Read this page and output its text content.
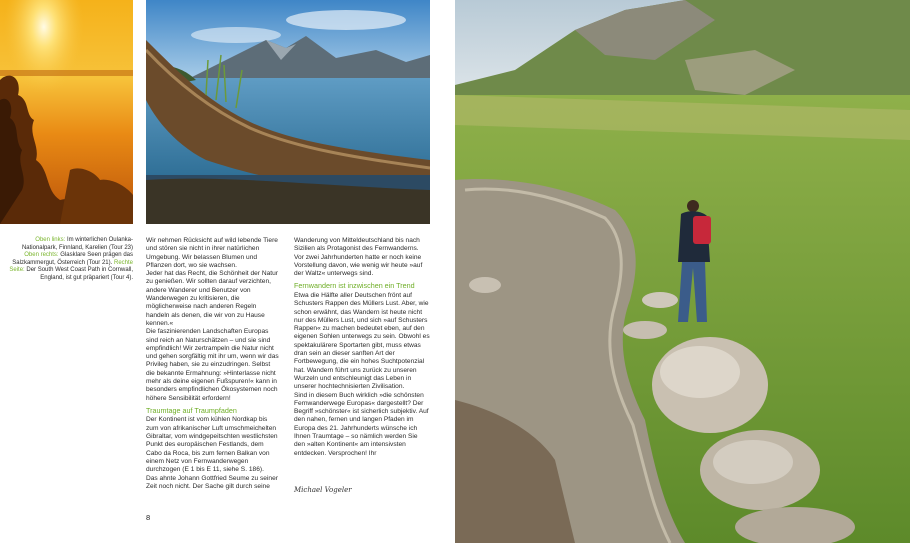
Oben links: Im winterlichen Oulanka-Nationalpark, Finnland, Karelien (Tour 23) Oben rechts: Glasklare Seen prägen das Salzkammergut, Österreich (Tour 21). Rechte Seite: Der South West Coast Path in Cornwall, England, ist gut präpariert (Tour 4).

Wir nehmen Rücksicht auf wild lebende Tiere und stören sie nicht in ihrer natürlichen Umgebung. Wir belassen Blumen und Pflanzen dort, wo sie wachsen.

Jeder hat das Recht, die Schönheit der Natur zu genießen. Wir sollten darauf verzichten, andere Wanderer und Benutzer von Wanderwegen zu kritisieren, die möglicherweise nach anderen Regeln handeln als denen, die wir von zu Hause kennen.«

Die faszinierenden Landschaften Europas sind reich an Naturschätzen – und sie sind empfindlich! Wir zertrampeln die Natur nicht und gehen sorgfältig mit ihr um, wenn wir das Privileg haben, sie zu einzudringen. Selbst die bekannte Ermahnung: »Hinterlasse nicht mehr als deine eigenen Fußspuren!« kann in besonders empfindlichen Ökosystemen noch höhere Sensibilität erfordern!

Traumtage auf Traumpfaden

Der Kontinent ist vom kühlen Nordkap bis zum von afrikanischer Luft umschmeichelten Gibraltar, vom windgepeitschten westlichsten Punkt des europäischen Festlands, dem Cabo da Roca, bis zum fernen Balkan von einem Netz von Fernwanderwegen durchzogen (E 1 bis E 11, siehe S. 186).

Das ahnte Johann Gottfried Seume zu seiner Zeit noch nicht. Der Sache gilt durch seine

Wanderung von Mitteldeutschland bis nach Sizilien als Protagonist des Fernwanderns. Vor zwei Jahrhunderten hatte er noch keine Vorstellung davon, wie wenig wir heute »auf der Waltz« unterwegs sind.

Fernwandern ist inzwischen ein Trend

Etwa die Hälfte aller Deutschen frönt auf Schusters Rappen des Müllers Lust. Aber, wie schon erwähnt, das Wandern ist heute nicht nur des Müllers Lust, und sich »auf Schusters Rappen« zu machen bedeutet eben, auf den eigenen Sohlen unterwegs zu sein. Obwohl es spektakulärere Sportarten gibt, muss etwas dran sein an dieser sanften Art der Fortbewegung, die ein hohes Suchtpotenzial hat. Wandern führt uns zurück zu unseren Wurzeln und entschleunigt das Leben in unserer hochtechnisierten Zivilisation.

Sind in diesem Buch wirklich »die schönsten Fernwanderwege Europas« dargestellt? Der Begriff »schönster« ist sicherlich subjektiv. Auf den nahen, fernen und langen Pfaden im Europa des 21. Jahrhunderts wünsche ich Ihnen Traumtage – so nämlich werden Sie den »alten Kontinent« am intensivsten entdecken. Versprochen! Ihr

Michael Vogeler
8
